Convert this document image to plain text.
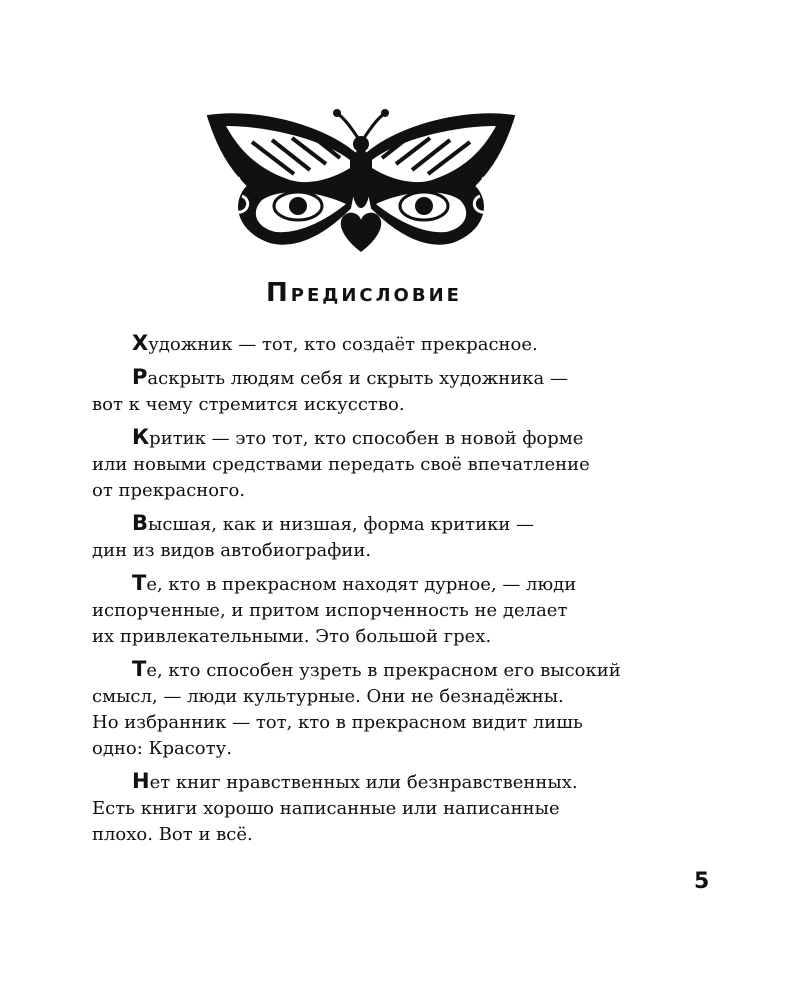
Предисловие

Художник — тот, кто создаёт прекрасное.

Раскрыть людям себя и скрыть художника —
вот к чему стремится искусство.

Критик — это тот, кто способен в новой форме
или новыми средствами передать своё впечатление
от прекрасного.

Высшая, как и низшая, форма критики —
дин из видов автобиографии.

Те, кто в прекрасном находят дурное, — люди
испорченные, и притом испорченность не делает
их привлекательными. Это большой грех.

Те, кто способен узреть в прекрасном его высокий
смысл, — люди культурные. Они не безнадёжны.
Но избранник — тот, кто в прекрасном видит лишь
одно: Красоту.

Нет книг нравственных или безнравственных.
Есть книги хорошо написанные или написанные
плохо. Вот и всё.

5
